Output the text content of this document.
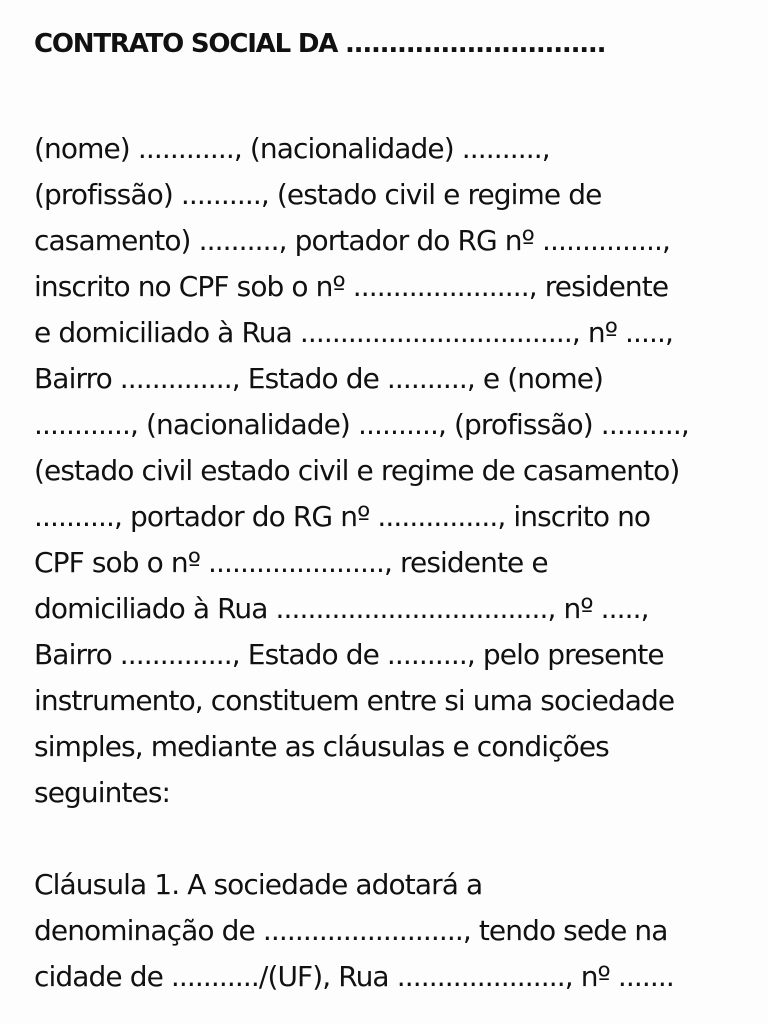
CONTRATO SOCIAL DA ..............................

(nome) ............, (nacionalidade) ..........,
(profissão) .........., (estado civil e regime de
casamento) .........., portador do RG nº ...............,
inscrito no CPF sob o nº ......................, residente
e domiciliado à Rua .................................., nº .....,
Bairro .............., Estado de .........., e (nome)
............, (nacionalidade) .........., (profissão) ..........,
(estado civil estado civil e regime de casamento)
.........., portador do RG nº ..............., inscrito no
CPF sob o nº ......................, residente e
domiciliado à Rua .................................., nº .....,
Bairro .............., Estado de .........., pelo presente
instrumento, constituem entre si uma sociedade
simples, mediante as cláusulas e condições
seguintes:

Cláusula 1. A sociedade adotará a
denominação de ........................., tendo sede na
cidade de .........../(UF), Rua ....................., nº .......
